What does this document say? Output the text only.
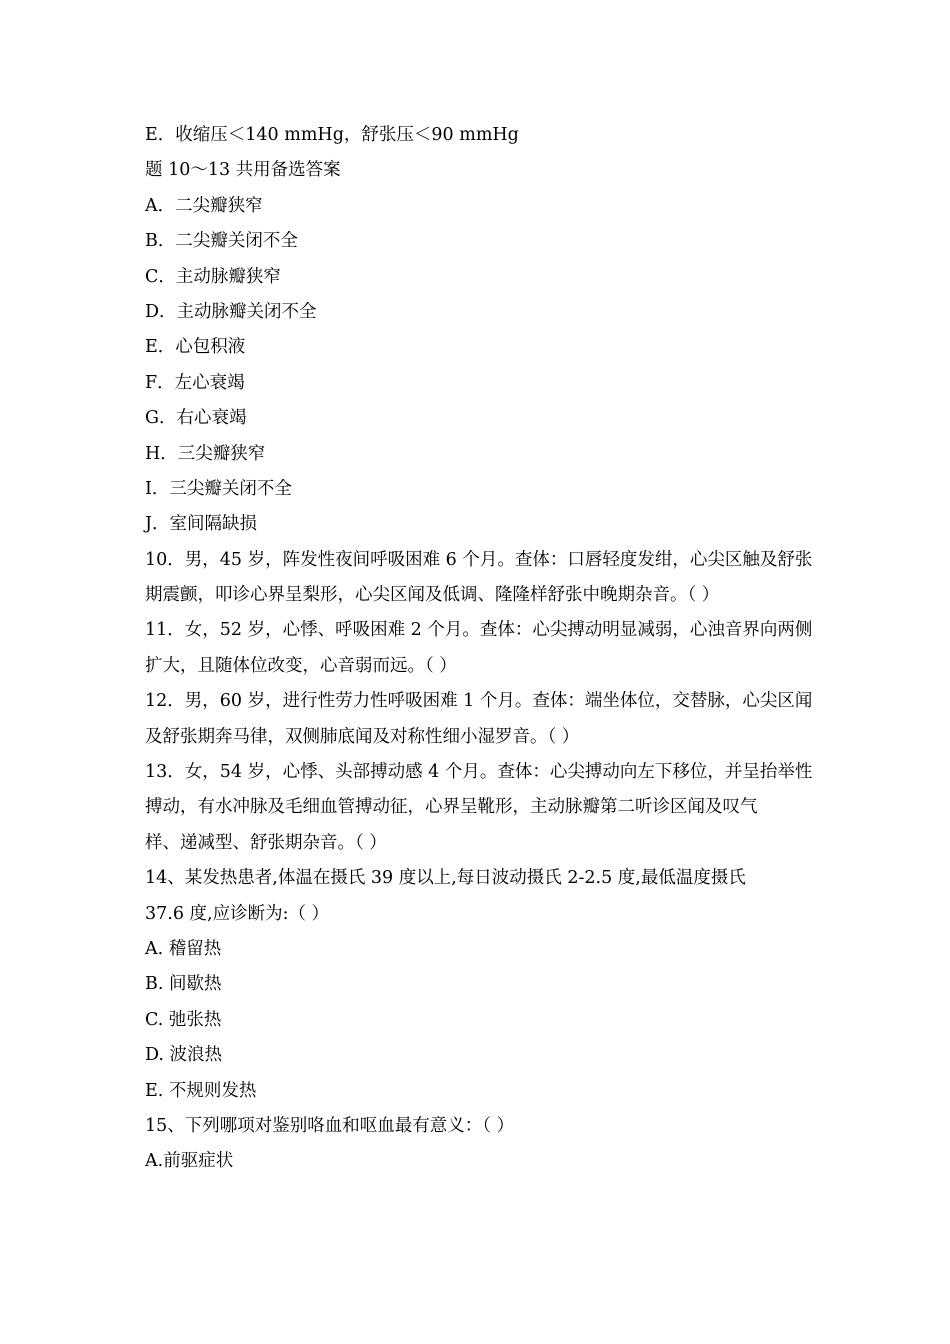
E．收缩压＜140 mmHg，舒张压＜90 mmHg
题 10～13 共用备选答案
A．二尖瓣狭窄
B．二尖瓣关闭不全
C．主动脉瓣狭窄
D．主动脉瓣关闭不全
E．心包积液
F．左心衰竭
G．右心衰竭
H．三尖瓣狭窄
I．三尖瓣关闭不全
J．室间隔缺损
10．男，45 岁，阵发性夜间呼吸困难 6 个月。查体：口唇轻度发绀，心尖区触及舒张
期震颤，叩诊心界呈梨形，心尖区闻及低调、隆隆样舒张中晚期杂音。（ ）
11．女，52 岁，心悸、呼吸困难 2 个月。查体：心尖搏动明显减弱，心浊音界向两侧
扩大，且随体位改变，心音弱而远。（ ）
12．男，60 岁，进行性劳力性呼吸困难 1 个月。查体：端坐体位，交替脉，心尖区闻
及舒张期奔马律，双侧肺底闻及对称性细小湿罗音。（ ）
13．女，54 岁，心悸、头部搏动感 4 个月。查体：心尖搏动向左下移位，并呈抬举性
搏动，有水冲脉及毛细血管搏动征，心界呈靴形，主动脉瓣第二听诊区闻及叹气
样、递减型、舒张期杂音。（ ）
14、某发热患者,体温在摄氏 39 度以上,每日波动摄氏 2-2.5 度,最低温度摄氏
37.6 度,应诊断为:（ ）
A. 稽留热
B. 间歇热
C. 弛张热
D. 波浪热
E. 不规则发热
15、下列哪项对鉴别咯血和呕血最有意义：（ ）
A.前驱症状
